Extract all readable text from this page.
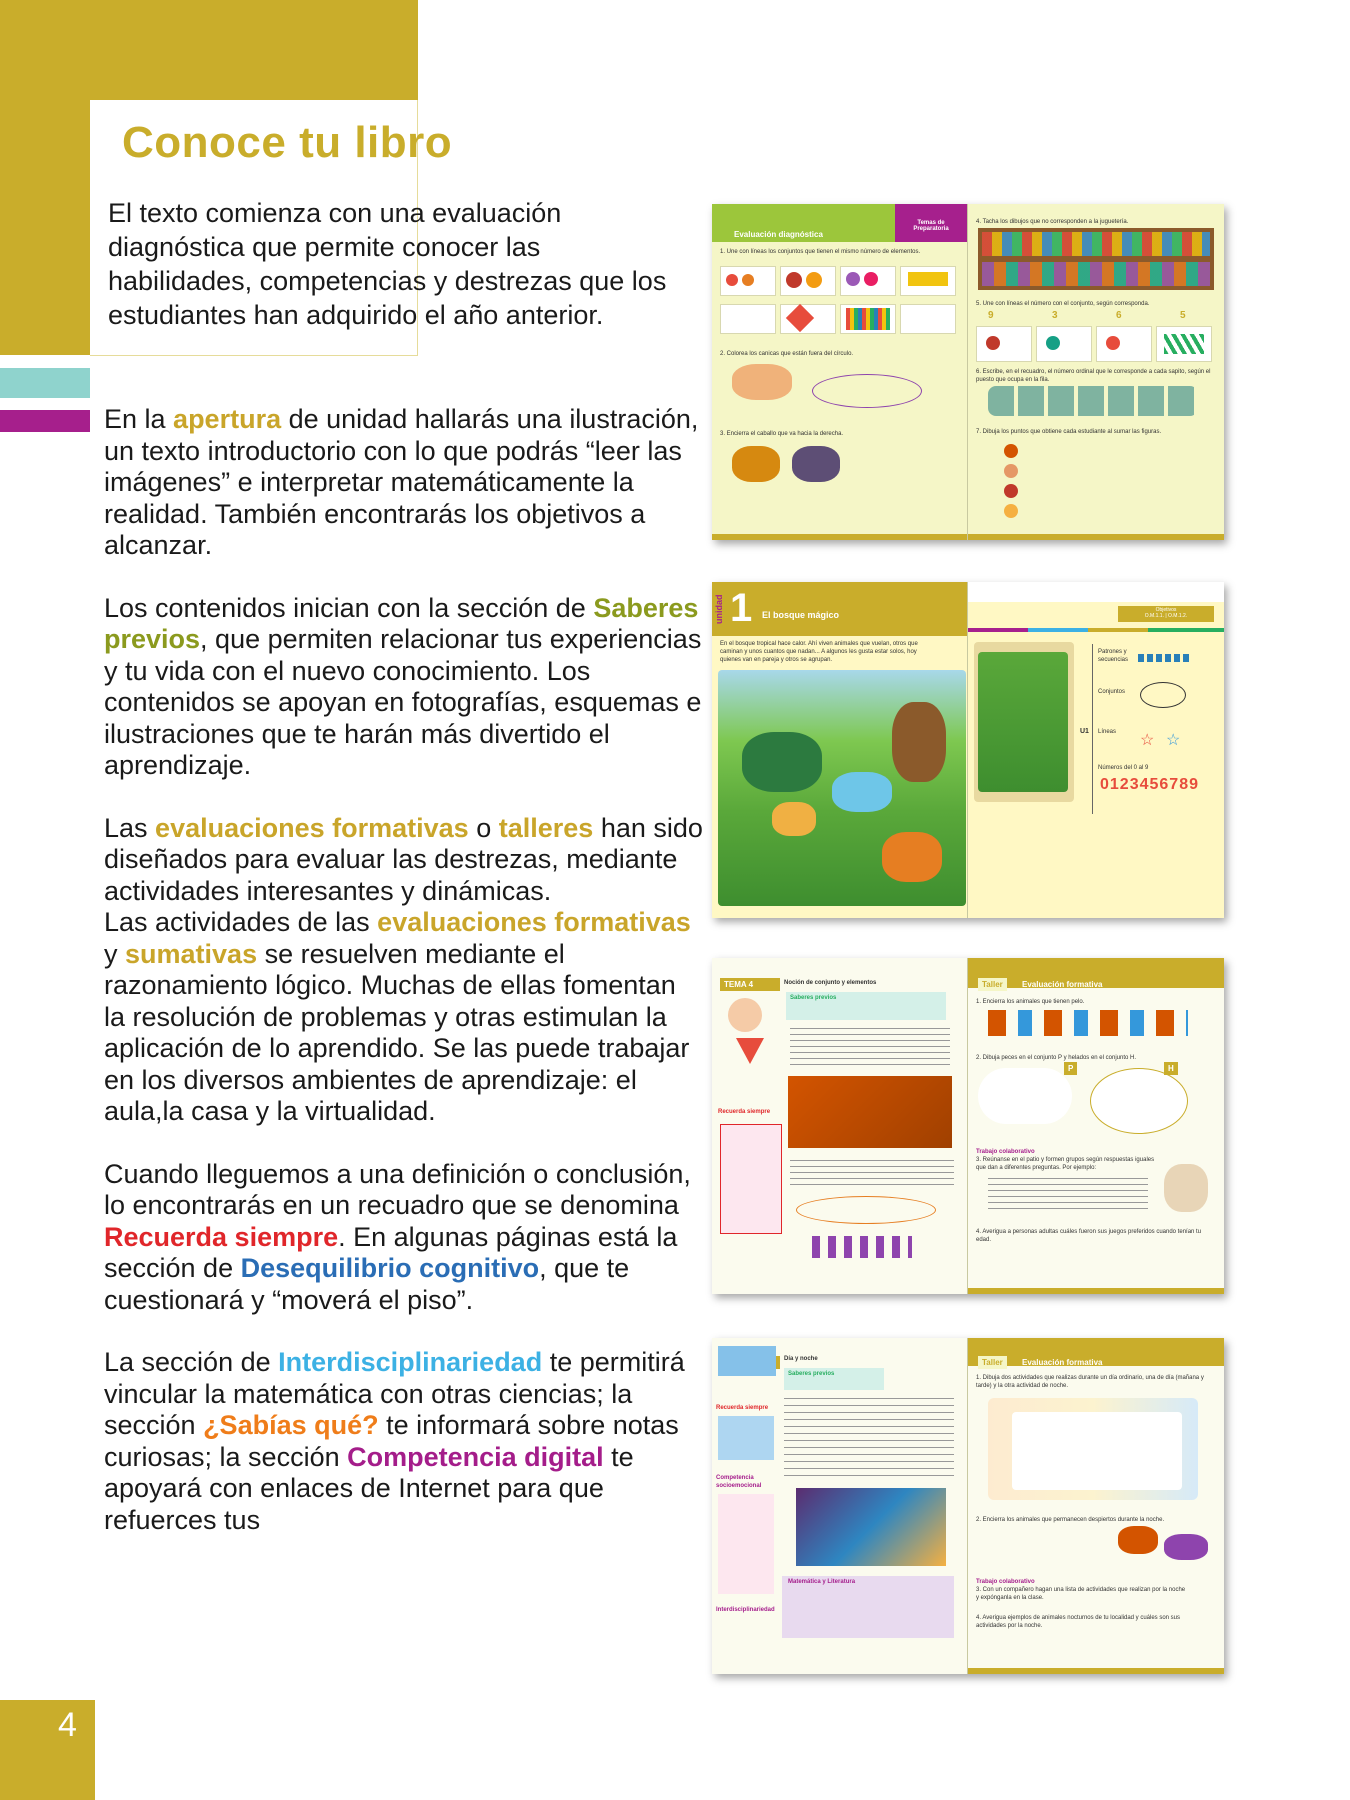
4
Conoce tu libro
El texto comienza con una evaluación diagnóstica que permite conocer las habilidades, competencias y destrezas que los estudiantes han adquirido el año anterior.

En la apertura de unidad hallarás una ilustración, un texto introductorio con lo que podrás “leer las imágenes” e interpretar matemáticamente la realidad. También encontrarás los objetivos a alcanzar.

Los contenidos inician con la sección de Saberes previos, que permiten relacionar tus experiencias y tu vida con el nuevo conocimiento. Los contenidos se apoyan en fotografías, esquemas e ilustraciones que te harán más divertido el aprendizaje.

Las evaluaciones formativas o talleres han sido diseñados para evaluar las destrezas, mediante actividades interesantes y dinámicas.

Las actividades de las evaluaciones formativas y sumativas se resuelven mediante el razonamiento lógico. Muchas de ellas fomentan la resolución de problemas y otras estimulan la aplicación de lo aprendido. Se las puede trabajar en los diversos ambientes de aprendizaje: el aula,la casa y la virtualidad.

Cuando lleguemos a una definición o conclusión, lo encontrarás en un recuadro que se denomina Recuerda siempre. En algunas páginas está la sección de Desequilibrio cognitivo, que te cuestionará y “moverá el piso”.

La sección de Interdisciplinariedad te permitirá vincular la matemática con otras ciencias; la sección ¿Sabías qué? te informará sobre notas curiosas; la sección Competencia digital te apoyará con enlaces de Internet para que refuerces tus

Evaluación diagnóstica
Temas de Preparatoria
1. Une con líneas los conjuntos que tienen el mismo número de elementos.
2. Colorea los canicas que están fuera del círculo.
3. Encierra el caballo que va hacia la derecha.
4. Tacha los dibujos que no corresponden a la juguetería.
5. Une con líneas el número con el conjunto, según corresponda.
9	3	6	5
6. Escribe, en el recuadro, el número ordinal que le corresponde a cada sapito, según el puesto que ocupa en la fila.
7. Dibuja los puntos que obtiene cada estudiante al sumar las figuras.
unidad 1 El bosque mágico
En el bosque tropical hace calor. Ahí viven animales que vuelan, otros que caminan y unos cuantos que nadan... A algunos les gusta estar solos, hoy quienes van en pareja y otros se agrupan.
Objetivos
O.M.1.1. | O.M.1.2.
U1
Patrones y secuencias
Conjuntos
Líneas	☆ ☆
Números del 0 al 9
0123456789
TEMA 4	Noción de conjunto y elementos
Saberes previos
Recuerda siempre
Taller	Evaluación formativa
1. Encierra los animales que tienen pelo.
2. Dibuja peces en el conjunto P y helados en el conjunto H.
P	H
Trabajo colaborativo
3. Reúnanse en el patio y formen grupos según respuestas iguales que dan a diferentes preguntas. Por ejemplo:
4. Averigua a personas adultas cuáles fueron sus juegos preferidos cuando tenían tu edad.
Día y noche
Saberes previos
Recuerda siempre
Competencia socioemocional
Matemática y Literatura
Interdisciplinariedad
Taller	Evaluación formativa
1. Dibuja dos actividades que realizas durante un día ordinario, una de día (mañana y tarde) y la otra actividad de noche.
2. Encierra los animales que permanecen despiertos durante la noche.
Trabajo colaborativo
3. Con un compañero hagan una lista de actividades que realizan por la noche y expónganla en la clase.
4. Averigua ejemplos de animales nocturnos de tu localidad y cuáles son sus actividades por la noche.
